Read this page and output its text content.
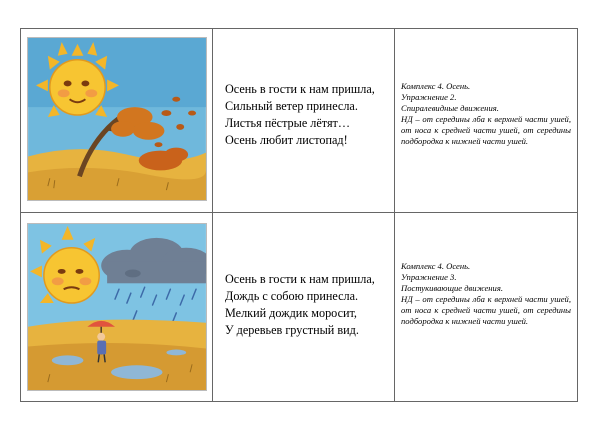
Осень в гости к нам пришла,
Сильный ветер принесла.
Листья пёстрые лётят…
Осень любит листопад!
Комплекс 4. Осень.
Упражнение 2.
Спиралевидные движения.
НД – от середины лба к верхней части ушей, от носа к средней части ушей, от середины подбородка к нижней части ушей.
Осень в гости к нам пришла,
Дождь с собою принесла.
Мелкий дождик моросит,
У деревьев грустный вид.
Комплекс 4. Осень.
Упражнение 3.
Постукивающие движения.
НД – от середины лба к верхней части ушей, от носа к средней части ушей, от середины подбородка к нижней части ушей.
